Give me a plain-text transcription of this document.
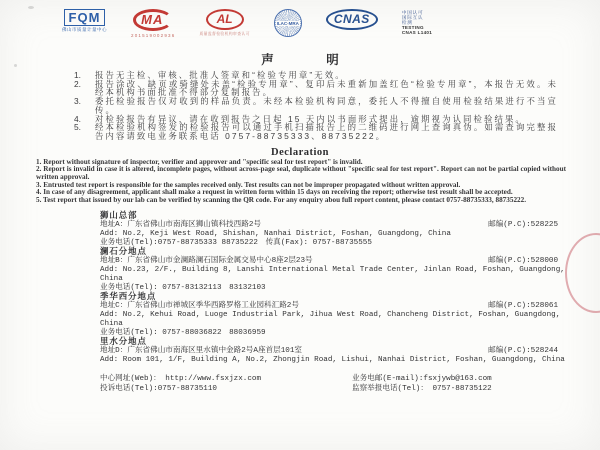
FQM
佛山市质量计量中心
MA
201519002936
AL
质量监督检验机构审查认可
ILAC-MRA	CNAS	中国认可
国际互认
检测
TESTING
CNAS L1401
声　明
1.	报告无主检、审核、批准人签章和“检验专用章”无效。
2.	报告涂改、缺页或骑缝处未盖“检验专用章”、复印后未重新加盖红色“检验专用章”，本报告无效。未经本机构书面批准不得部分复制报告。
3.	委托检验报告仅对收到的样品负责。未经本检验机构同意，委托人不得擅自使用检验结果进行不当宣传。
4.	对检验报告有异议，请在收到报告之日起 15 天内以书面形式提出，逾期视为认同检验结果。
5.	经本检验机构签发的检验报告可以通过手机扫描报告上的二维码进行网上查询真伪。如需查询完整报告内容请致电业务联系电话 0757-88735333、88735222。
Declaration

1. Report without signature of inspector, verifier and approver and "specific seal for test report" is invalid.

2. Report is invalid in case it is altered, incomplete pages, without across-page seal, duplicate without "specific seal for test report". Report can not be partial copied without written approval.

3. Entrusted test report is responsible for the samples received only. Test results can not be improper propagated without written approval.

4. In case of any disagreement, applicant shall make a request in written form within 15 days on receiving the report; otherwise test result shall be accepted.

5. Test report that issued by our lab can be verified by scanning the QR code. For any enquiry abou full report content, please contact 0757-88735333, 88735222.

狮山总部
地址A：广东省佛山市南海区狮山镇科技西路2号	邮编(P.C):528225
Add: No.2, Keji West Road, Shishan, Nanhai District, Foshan, Guangdong, China
业务电话(Tel):0757-88735333 88735222　传真(Fax): 0757-88735555
澜石分地点
地址B：广东省佛山市金澜路澜石国际金属交易中心8座2层23号	邮编(P.C):528000
Add: No.23, 2/F., Building 8, Lanshi International Metal Trade Center, Jinlan Road, Foshan, Guangdong, China
业务电话(Tel): 0757-83132113　83132103
季华西分地点
地址C：广东省佛山市禅城区季华西路罗格工业园科汇路2号	邮编(P.C):528061
Add: No.2, Kehui Road, Luoge Industrial Park, Jihua West Road, Chancheng District, Foshan, Guangdong, China
业务电话(Tel): 0757-88036822　88036959
里水分地点
地址D：广东省佛山市南海区里水镇中金路2号A座首层101室	邮编(P.C):528244
Add: Room 101, 1/F, Building A, No.2, Zhongjin Road, Lishui, Nanhai District, Foshan, Guangdong, China
中心网址(Web)： http://www.fsxjzx.com	业务电邮(E-mail):fsxjywb@163.com
投诉电话(Tel):0757-88735110	监察举报电话(Tel)： 0757-88735122
